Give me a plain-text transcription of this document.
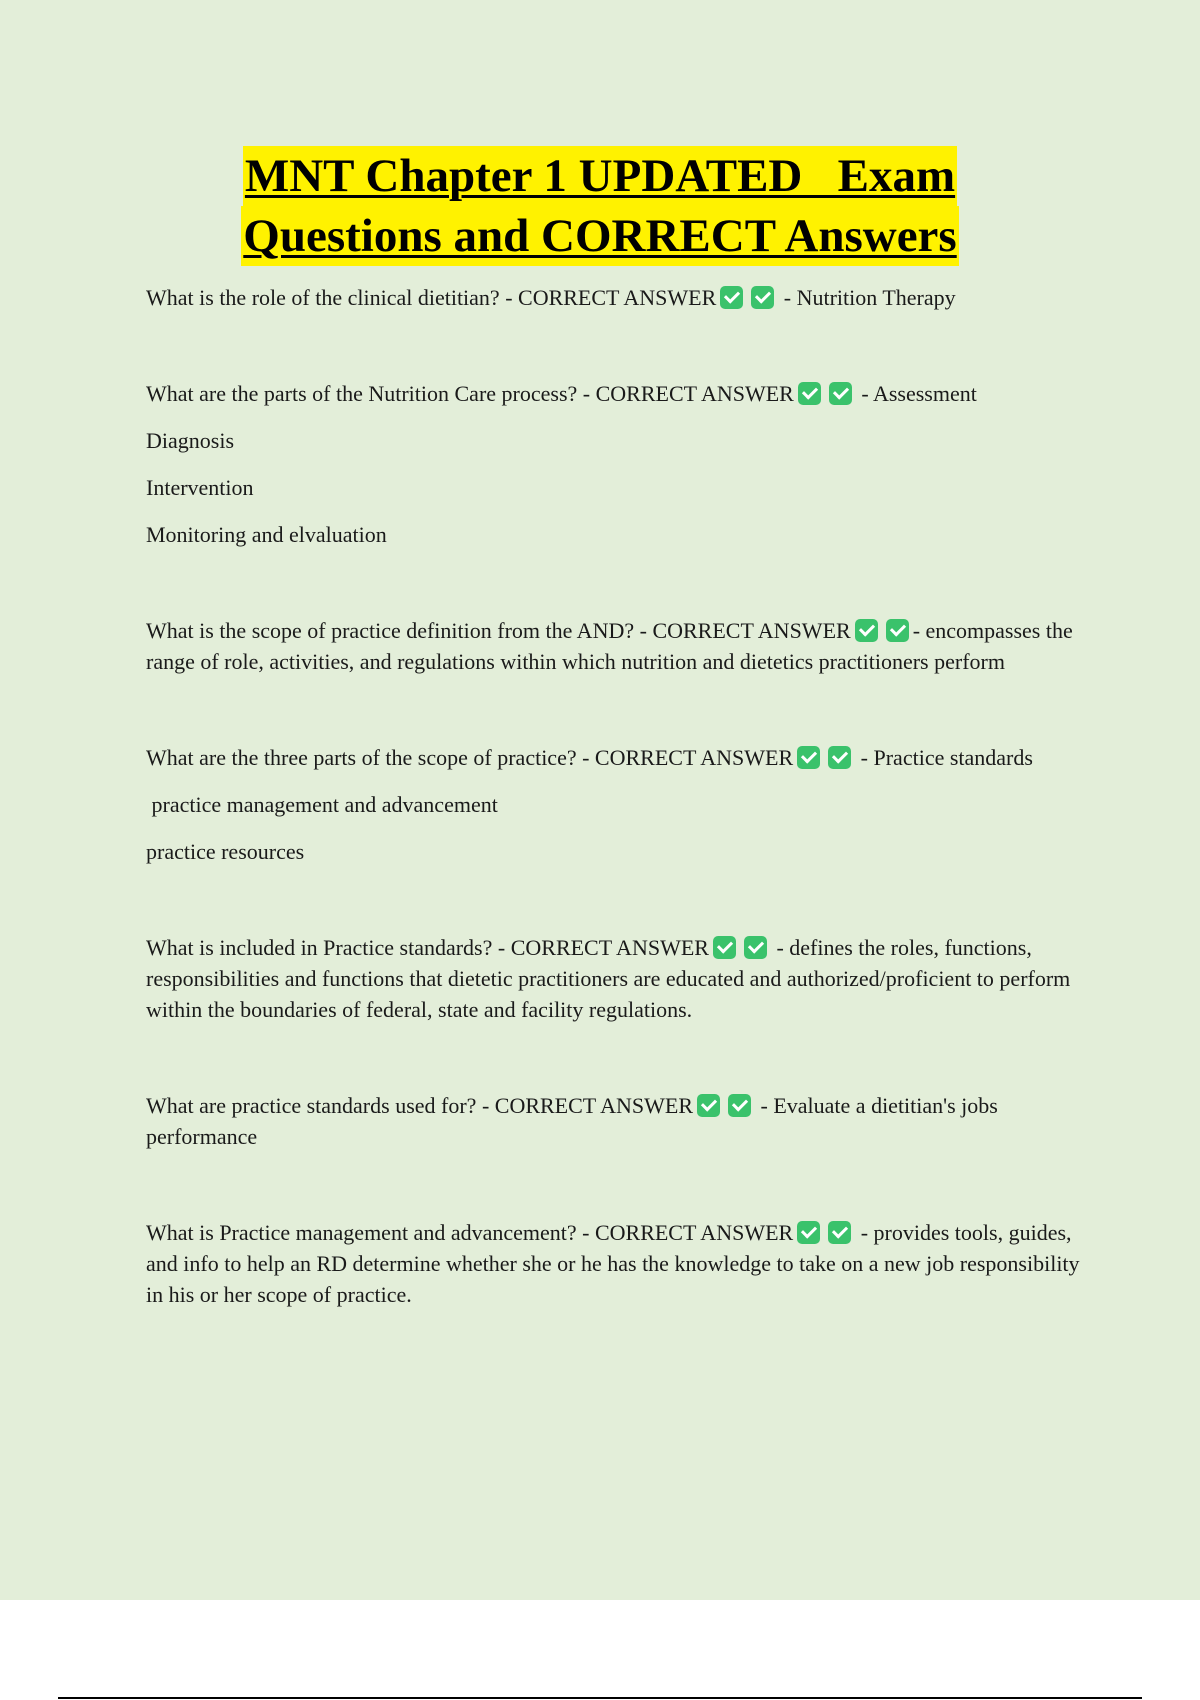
MNT Chapter 1 UPDATED   Exam
Questions and CORRECT Answers

What is the role of the clinical dietitian? - CORRECT ANSWER	- Nutrition Therapy

What are the parts of the Nutrition Care process? - CORRECT ANSWER	- Assessment

Diagnosis

Intervention

Monitoring and elvaluation

What is the scope of practice definition from the AND? - CORRECT ANSWER	- encompasses the range of role, activities, and regulations within which nutrition and dietetics practitioners perform

What are the three parts of the scope of practice? - CORRECT ANSWER	- Practice standards

practice management and advancement

practice resources

What is included in Practice standards? - CORRECT ANSWER	- defines the roles, functions, responsibilities and functions that dietetic practitioners are educated and authorized/proficient to perform within the boundaries of federal, state and facility regulations.

What are practice standards used for? - CORRECT ANSWER	- Evaluate a dietitian's jobs performance

What is Practice management and advancement? - CORRECT ANSWER	- provides tools, guides, and info to help an RD determine whether she or he has the knowledge to take on a new job responsibility in his or her scope of practice.
